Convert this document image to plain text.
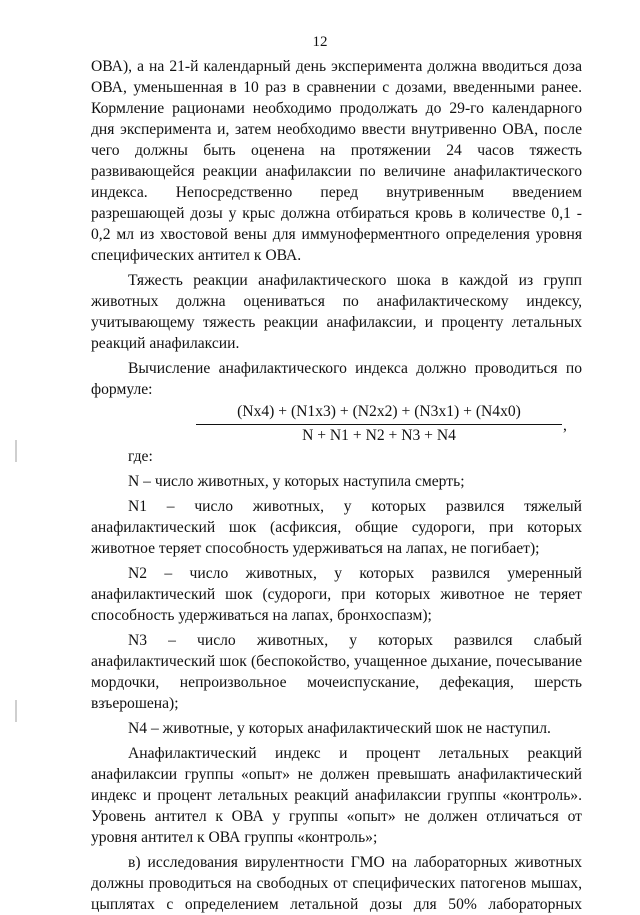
12

ОВА), а на 21-й календарный день эксперимента должна вводиться доза ОВА, уменьшенная в 10 раз в сравнении с дозами, введенными ранее. Кормление рационами необходимо продолжать до 29-го календарного дня эксперимента и, затем необходимо ввести внутривенно ОВА, после чего должны быть оценена на протяжении 24 часов тяжесть развивающейся реакции анафилаксии по величине анафилактического индекса. Непосредственно перед внутривенным введением разрешающей дозы у крыс должна отбираться кровь в количестве 0,1 - 0,2 мл из хвостовой вены для иммуноферментного определения уровня специфических антител к ОВА.

Тяжесть реакции анафилактического шока в каждой из групп животных должна оцениваться по анафилактическому индексу, учитывающему тяжесть реакции анафилаксии, и проценту летальных реакций анафилаксии.

Вычисление анафилактического индекса должно проводиться по формуле:

$\frac{(Nx4) + (N1x3) + (N2x2) + (N3x1) + (N4x0)}{N + N1 + N2 + N3 + N4}$ ,

где:

N – число животных, у которых наступила смерть;

N1 – число животных, у которых развился тяжелый анафилактический шок (асфиксия, общие судороги, при которых животное теряет способность удерживаться на лапах, не погибает);

N2 – число животных, у которых развился умеренный анафилактический шок (судороги, при которых животное не теряет способность удерживаться на лапах, бронхоспазм);

N3 – число животных, у которых развился слабый анафилактический шок (беспокойство, учащенное дыхание, почесывание мордочки, непроизвольное мочеиспускание, дефекация, шерсть взъерошена);

N4 – животные, у которых анафилактический шок не наступил.

Анафилактический индекс и процент летальных реакций анафилаксии группы «опыт» не должен превышать анафилактический индекс и процент летальных реакций анафилаксии группы «контроль». Уровень антител к ОВА у группы «опыт» не должен отличаться от уровня антител к ОВА группы «контроль»;

в) исследования вирулентности ГМО на лабораторных животных должны проводиться на свободных от специфических патогенов мышах, цыплятах с определением летальной дозы для 50% лабораторных
